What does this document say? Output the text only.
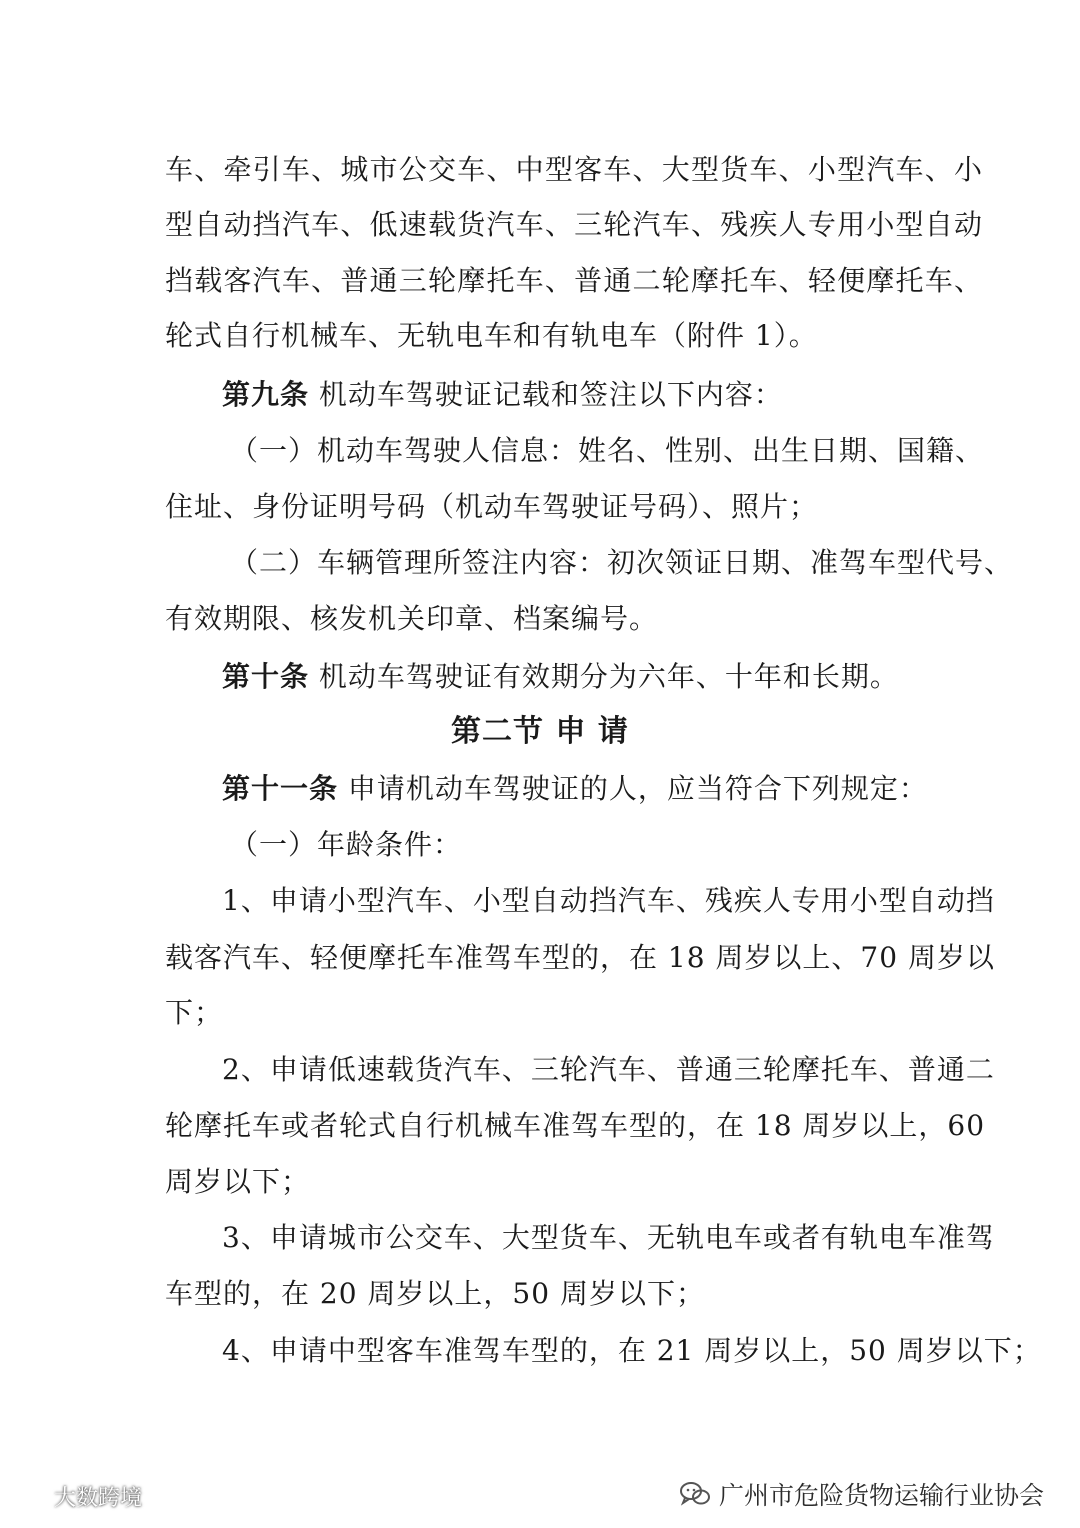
车、牵引车、城市公交车、中型客车、大型货车、小型汽车、小
型自动挡汽车、低速载货汽车、三轮汽车、残疾人专用小型自动
挡载客汽车、普通三轮摩托车、普通二轮摩托车、轻便摩托车、
轮式自行机械车、无轨电车和有轨电车（附件 1）。
第九条 机动车驾驶证记载和签注以下内容：
（一）机动车驾驶人信息：姓名、性别、出生日期、国籍、
住址、身份证明号码（机动车驾驶证号码）、照片；
（二）车辆管理所签注内容：初次领证日期、准驾车型代号、
有效期限、核发机关印章、档案编号。
第十条 机动车驾驶证有效期分为六年、十年和长期。
第二节 申 请
第十一条 申请机动车驾驶证的人，应当符合下列规定：
（一）年龄条件：
1、申请小型汽车、小型自动挡汽车、残疾人专用小型自动挡
载客汽车、轻便摩托车准驾车型的，在 18 周岁以上、70 周岁以
下；
2、申请低速载货汽车、三轮汽车、普通三轮摩托车、普通二
轮摩托车或者轮式自行机械车准驾车型的，在 18 周岁以上，60
周岁以下；
3、申请城市公交车、大型货车、无轨电车或者有轨电车准驾
车型的，在 20 周岁以上，50 周岁以下；
4、申请中型客车准驾车型的，在 21 周岁以上，50 周岁以下；
大数跨境	广州市危险货物运输行业协会
